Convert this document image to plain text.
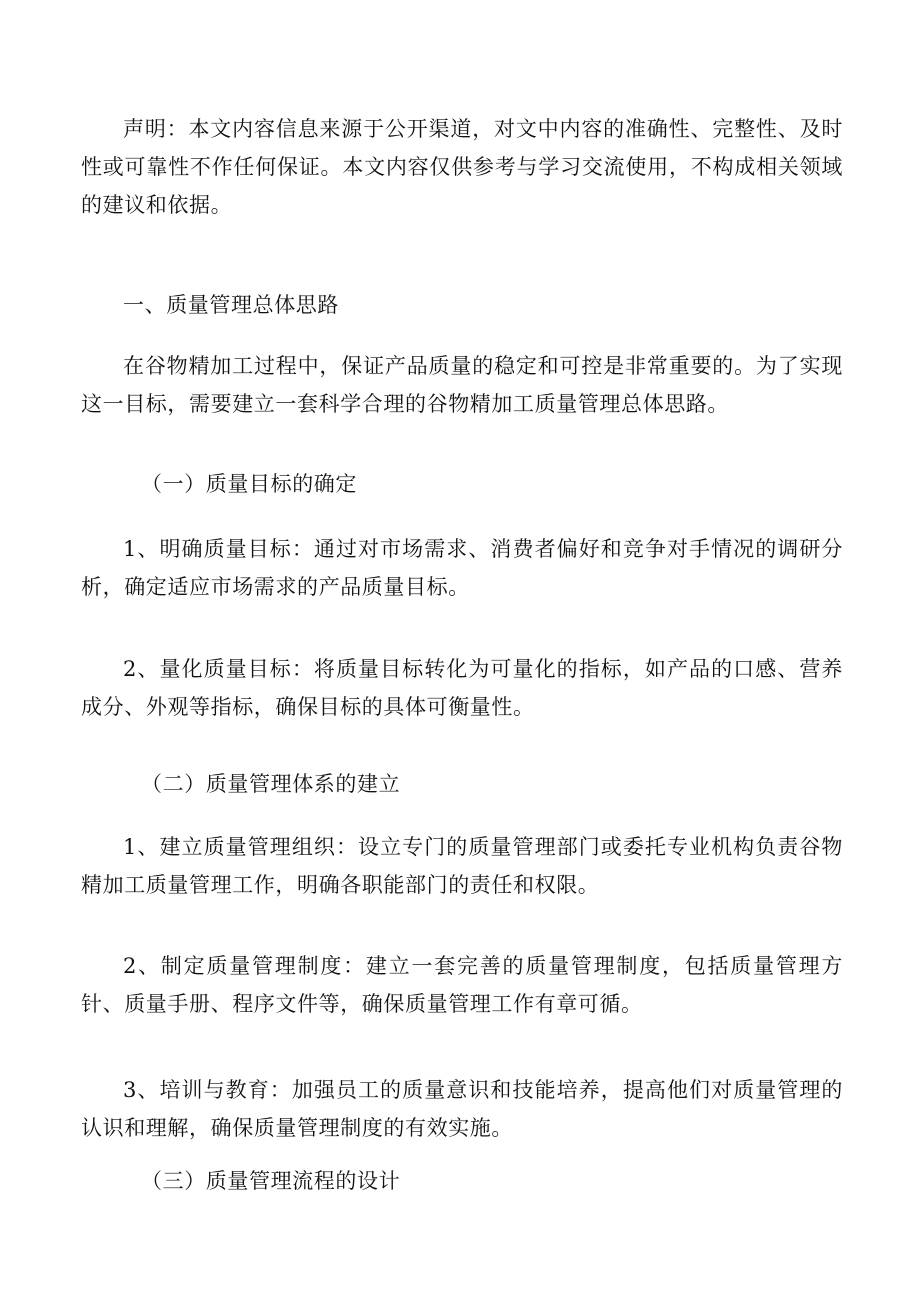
声明：本文内容信息来源于公开渠道，对文中内容的准确性、完整性、及时性或可靠性不作任何保证。本文内容仅供参考与学习交流使用，不构成相关领域的建议和依据。

一、质量管理总体思路

在谷物精加工过程中，保证产品质量的稳定和可控是非常重要的。为了实现这一目标，需要建立一套科学合理的谷物精加工质量管理总体思路。

（一）质量目标的确定

1、明确质量目标：通过对市场需求、消费者偏好和竞争对手情况的调研分析，确定适应市场需求的产品质量目标。

2、量化质量目标：将质量目标转化为可量化的指标，如产品的口感、营养成分、外观等指标，确保目标的具体可衡量性。

（二）质量管理体系的建立

1、建立质量管理组织：设立专门的质量管理部门或委托专业机构负责谷物精加工质量管理工作，明确各职能部门的责任和权限。

2、制定质量管理制度：建立一套完善的质量管理制度，包括质量管理方针、质量手册、程序文件等，确保质量管理工作有章可循。

3、培训与教育：加强员工的质量意识和技能培养，提高他们对质量管理的认识和理解，确保质量管理制度的有效实施。

（三）质量管理流程的设计
